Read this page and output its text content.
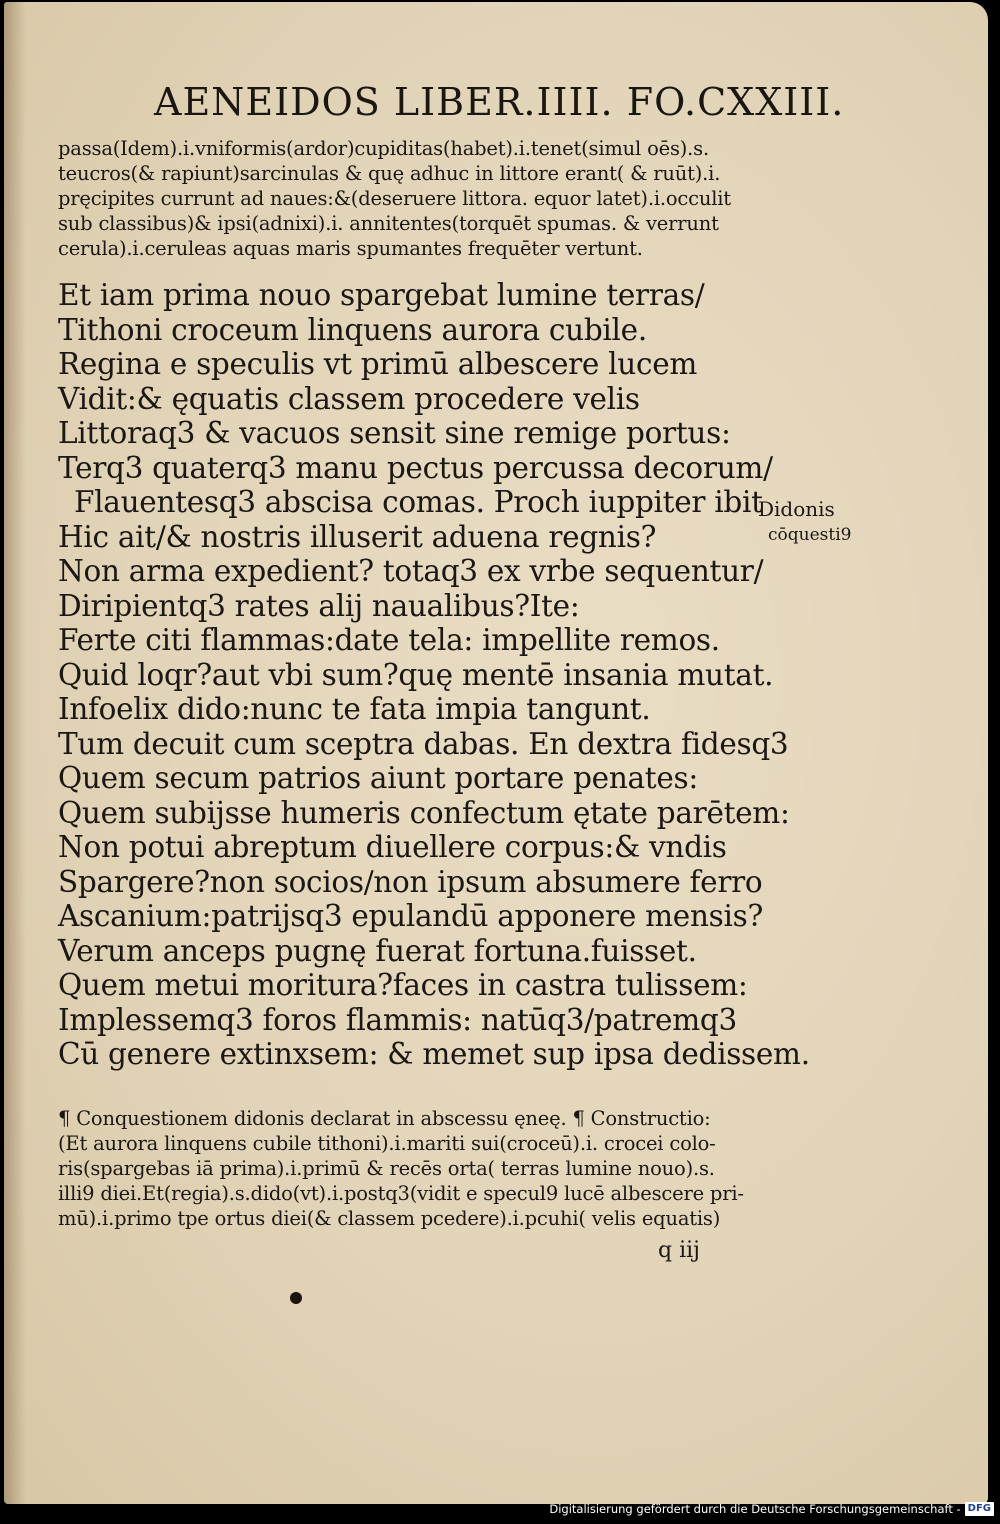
AENEIDOS LIBER.IIII. FO.CXXIII.
passa(Idem).i.vniformis(ardor)cupiditas(habet).i.tenet(simul oēs).s.
teucros(& rapiunt)sarcinulas & quę adhuc in littore erant( & ruūt).i.
pręcipites currunt ad naues:&(deseruere littora. equor latet).i.occulit
sub classibus)& ipsi(adnixi).i. annitentes(torquēt spumas. & verrunt
cerula).i.ceruleas aquas maris spumantes frequēter vertunt.
Et iam prima nouo spargebat lumine terras/
Tithoni croceum linquens aurora cubile.
Regina e speculis vt primū albescere lucem
Vidit:& ęquatis classem procedere velis
Littoraq3 & vacuos sensit sine remige portus:
Terq3 quaterq3 manu pectus percussa decorum/
Flauentesq3 abscisa comas. Proch iuppiter ibit
Hic ait/& nostris illuserit aduena regnis?
Non arma expedient? totaq3 ex vrbe sequentur/
Diripientq3 rates alij naualibus?Ite:
Ferte citi flammas:date tela: impellite remos.
Quid loqr?aut vbi sum?quę mentē insania mutat.
Infoelix dido:nunc te fata impia tangunt.
Tum decuit cum sceptra dabas. En dextra fidesq3
Quem secum patrios aiunt portare penates:
Quem subijsse humeris confectum ętate parētem:
Non potui abreptum diuellere corpus:& vndis
Spargere?non socios/non ipsum absumere ferro
Ascanium:patrijsq3 epulandū apponere mensis?
Verum anceps pugnę fuerat fortuna.fuisset.
Quem metui moritura?faces in castra tulissem:
Implessemq3 foros flammis: natūq3/patremq3
Cū genere extinxsem: & memet sup ipsa dedissem.
Didonis
cōquesti9
¶ Conquestionem didonis declarat in abscessu ęneę. ¶ Constructio:
(Et aurora linquens cubile tithoni).i.mariti sui(croceū).i. crocei colo-
ris(spargebas iā prima).i.primū & recēs orta( terras lumine nouo).s.
illi9 diei.Et(regia).s.dido(vt).i.postq3(vidit e specul9 lucē albescere pri-
mū).i.primo tpe ortus diei(& classem pcedere).i.pcuhi( velis equatis)

q iij

Digitalisierung gefördert durch die Deutsche Forschungsgemeinschaft - DFG
